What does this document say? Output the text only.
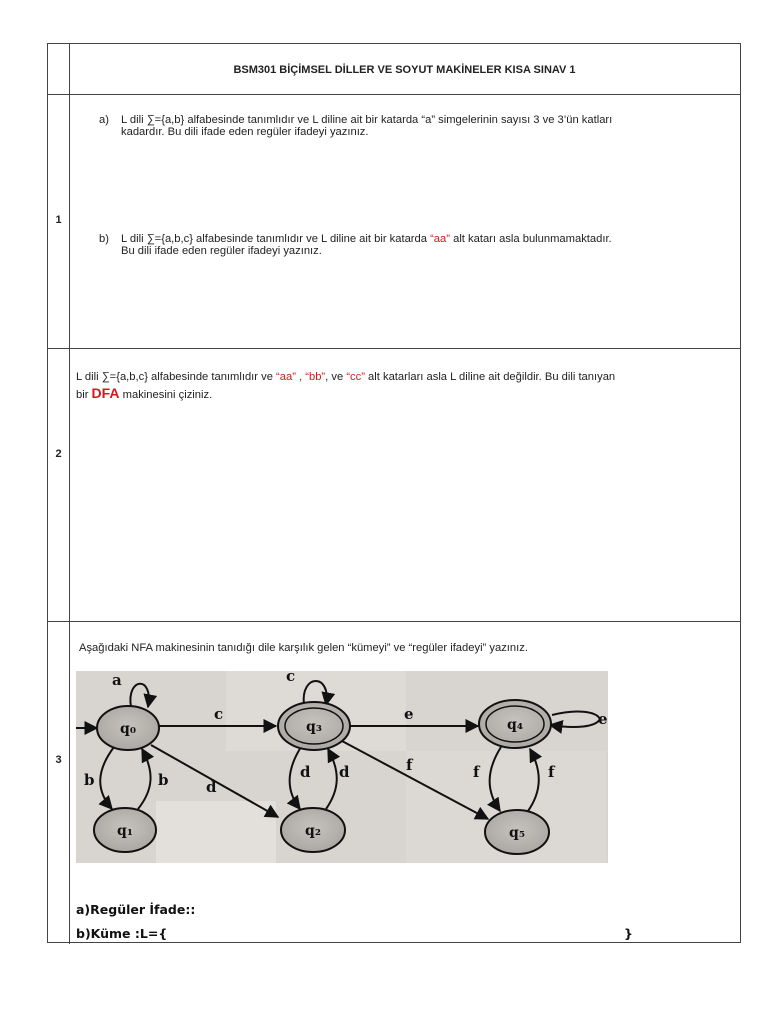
BSM301 BİÇİMSEL DİLLER VE SOYUT MAKİNELER KISA SINAV 1
1
a) L dili ∑={a,b} alfabesinde tanımlıdır ve L diline ait bir katarda “a” simgelerinin sayısı 3 ve 3’ün katları
kadardır. Bu dili ifade eden regüler ifadeyi yazınız.
b) L dili ∑={a,b,c} alfabesinde tanımlıdır ve L diline ait bir katarda “aa” alt katarı asla bulunmamaktadır.
Bu dili ifade eden regüler ifadeyi yazınız.
2
L dili ∑={a,b,c} alfabesinde tanımlıdır ve “aa” , “bb”, ve “cc” alt katarları asla L diline ait değildir. Bu dili tanıyan
bir DFA makinesini çiziniz.
3
Aşağıdaki NFA makinesinin tanıdığı dile karşılık gelen “kümeyi” ve “regüler ifadeyi” yazınız.
a
c
b	b	d
c
d d
e	e
f	f	f
q₀
q₁	q₂
q₃	q₄
q₅
a)Regüler İfade::
b)Küme :L={	}
